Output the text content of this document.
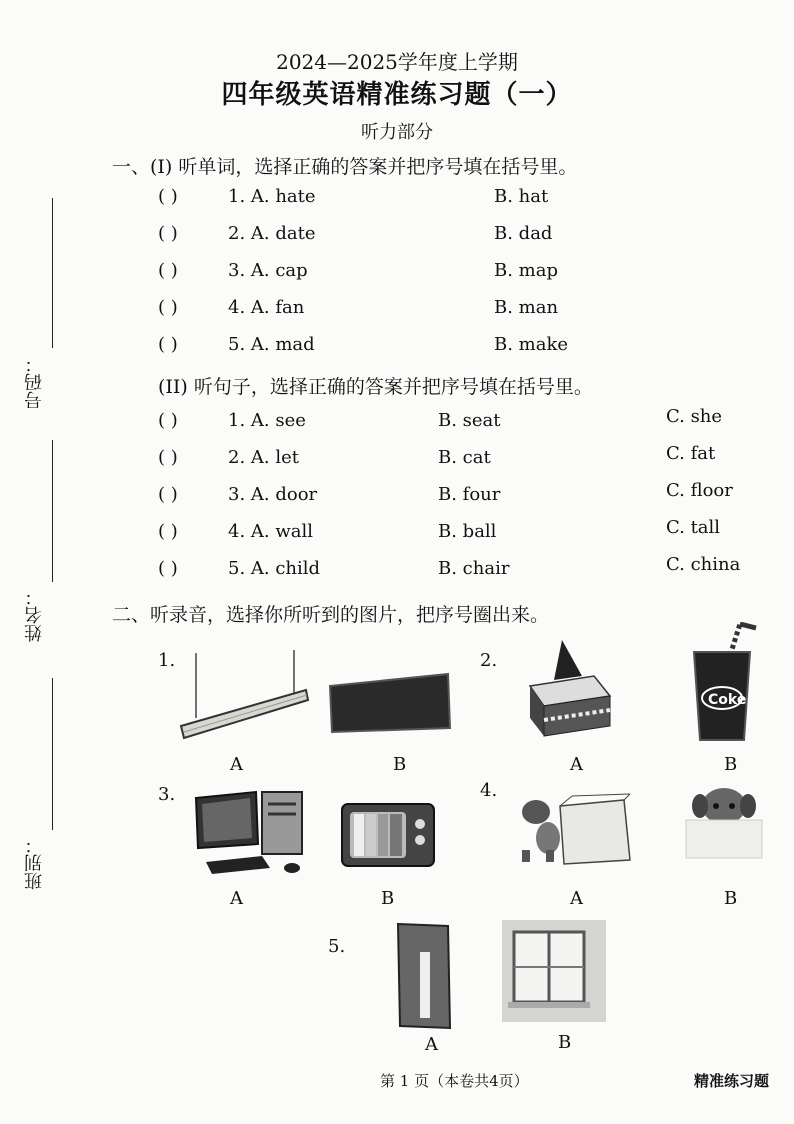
2024—2025学年度上学期
四年级英语精准练习题（一）
听力部分
号码：
姓名：
班别：
一、(I) 听单词，选择正确的答案并把序号填在括号里。
( )	1. A. hate	B. hat
( )	2. A. date	B. dad
( )	3. A. cap	B. map
( )	4. A. fan	B. man
( )	5. A. mad	B. make
(II) 听句子，选择正确的答案并把序号填在括号里。
( )	1. A. see	B. seat	C. she
( )	2. A. let	B. cat	C. fat
( )	3. A. door	B. four	C. floor
( )	4. A. wall	B. ball	C. tall
( )	5. A. child	B. chair	C. china
二、听录音，选择你所听到的图片，把序号圈出来。
1.
A	B
2.
Coke
A	B
3.
A	B
4.
A	B
5.
A	B
第 1 页（本卷共4页）	精准练习题
